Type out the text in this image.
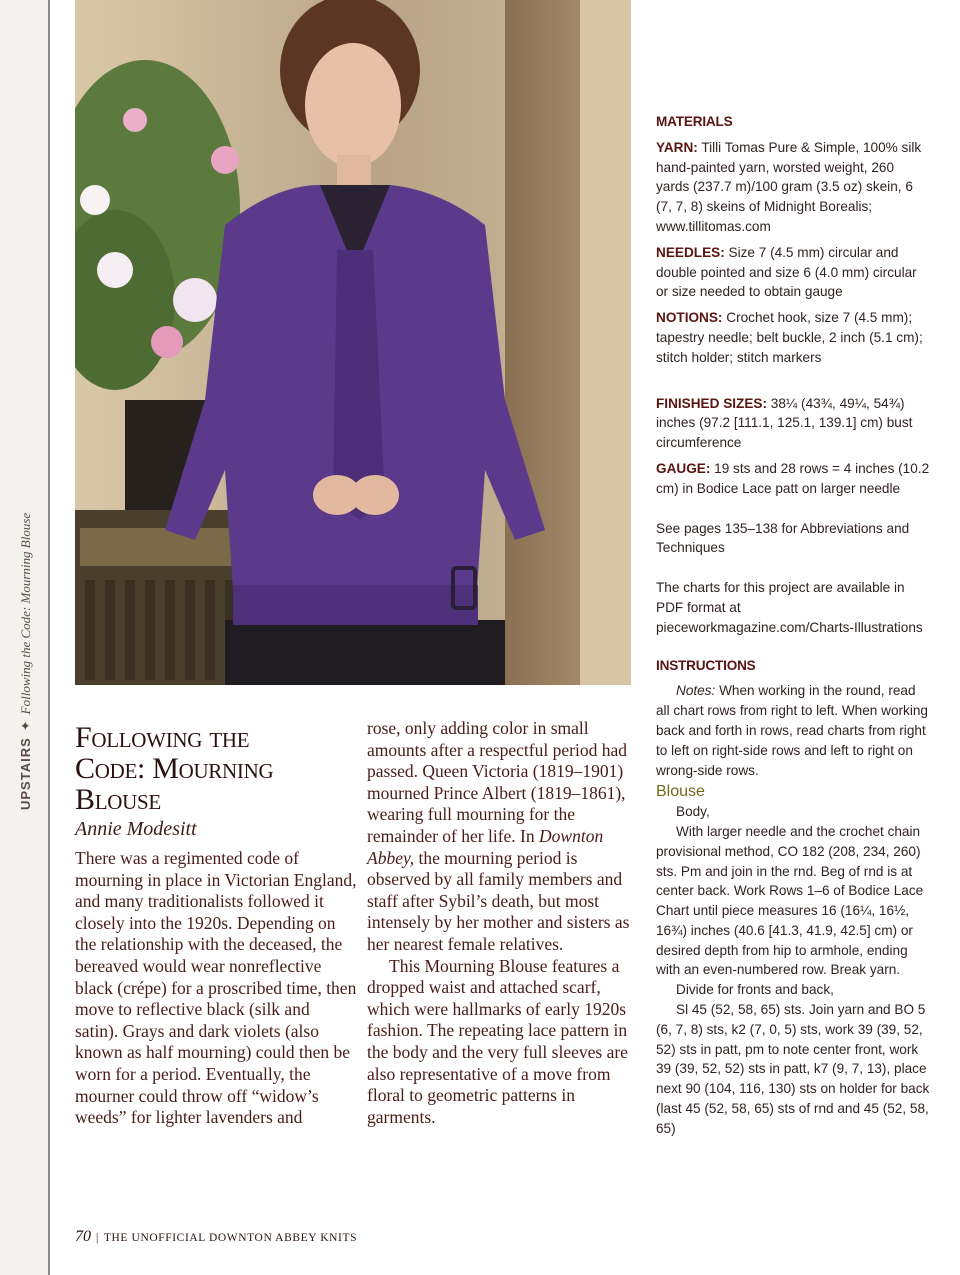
UPSTAIRS✦Following the Code: Mourning Blouse
Following the
Code: Mourning
Blouse
Annie Modesitt

There was a regimented code of mourning in place in Victorian England, and many traditionalists followed it closely into the 1920s. Depending on the relationship with the deceased, the bereaved would wear nonreflective black (crépe) for a proscribed time, then move to reflective black (silk and satin). Grays and dark violets (also known as half mourning) could then be worn for a period. Eventually, the mourner could throw off “widow’s weeds” for lighter lavenders and

rose, only adding color in small amounts after a respectful period had passed. Queen Victoria (1819–1901) mourned Prince Albert (1819–1861), wearing full mourning for the remainder of her life. In Downton Abbey, the mourning period is observed by all family members and staff after Sybil’s death, but most intensely by her mother and sisters as her nearest female relatives.

This Mourning Blouse features a dropped waist and attached scarf, which were hallmarks of early 1920s fashion. The repeating lace pattern in the body and the very full sleeves are also representative of a move from floral to geometric patterns in garments.

MATERIALS
YARN: Tilli Tomas Pure & Simple, 100% silk hand-painted yarn, worsted weight, 260 yards (237.7 m)/100 gram (3.5 oz) skein, 6 (7, 7, 8) skeins of Midnight Borealis; www.tillitomas.com
NEEDLES: Size 7 (4.5 mm) circular and double pointed and size 6 (4.0 mm) circular or size needed to obtain gauge
NOTIONS: Crochet hook, size 7 (4.5 mm); tapestry needle; belt buckle, 2 inch (5.1 cm); stitch holder; stitch markers
FINISHED SIZES: 38¼ (43¾, 49¼, 54¾) inches (97.2 [111.1, 125.1, 139.1] cm) bust circumference
GAUGE: 19 sts and 28 rows = 4 inches (10.2 cm) in Bodice Lace patt on larger needle
See pages 135–138 for Abbreviations and Techniques
The charts for this project are available in PDF format at pieceworkmagazine.com/Charts-Illustrations
INSTRUCTIONS

Notes: When working in the round, read all chart rows from right to left. When working back and forth in rows, read charts from right to left on right-side rows and left to right on wrong-side rows.

Blouse

Body,

With larger needle and the crochet chain provisional method, CO 182 (208, 234, 260) sts. Pm and join in the rnd. Beg of rnd is at center back. Work Rows 1–6 of Bodice Lace Chart until piece measures 16 (16¼, 16½, 16¾) inches (40.6 [41.3, 41.9, 42.5] cm) or desired depth from hip to armhole, ending with an even-numbered row. Break yarn.

Divide for fronts and back,

Sl 45 (52, 58, 65) sts. Join yarn and BO 5 (6, 7, 8) sts, k2 (7, 0, 5) sts, work 39 (39, 52, 52) sts in patt, pm to note center front, work 39 (39, 52, 52) sts in patt, k7 (9, 7, 13), place next 90 (104, 116, 130) sts on holder for back (last 45 (52, 58, 65) sts of rnd and 45 (52, 58, 65)

70 | THE UNOFFICIAL DOWNTON ABBEY KNITS
